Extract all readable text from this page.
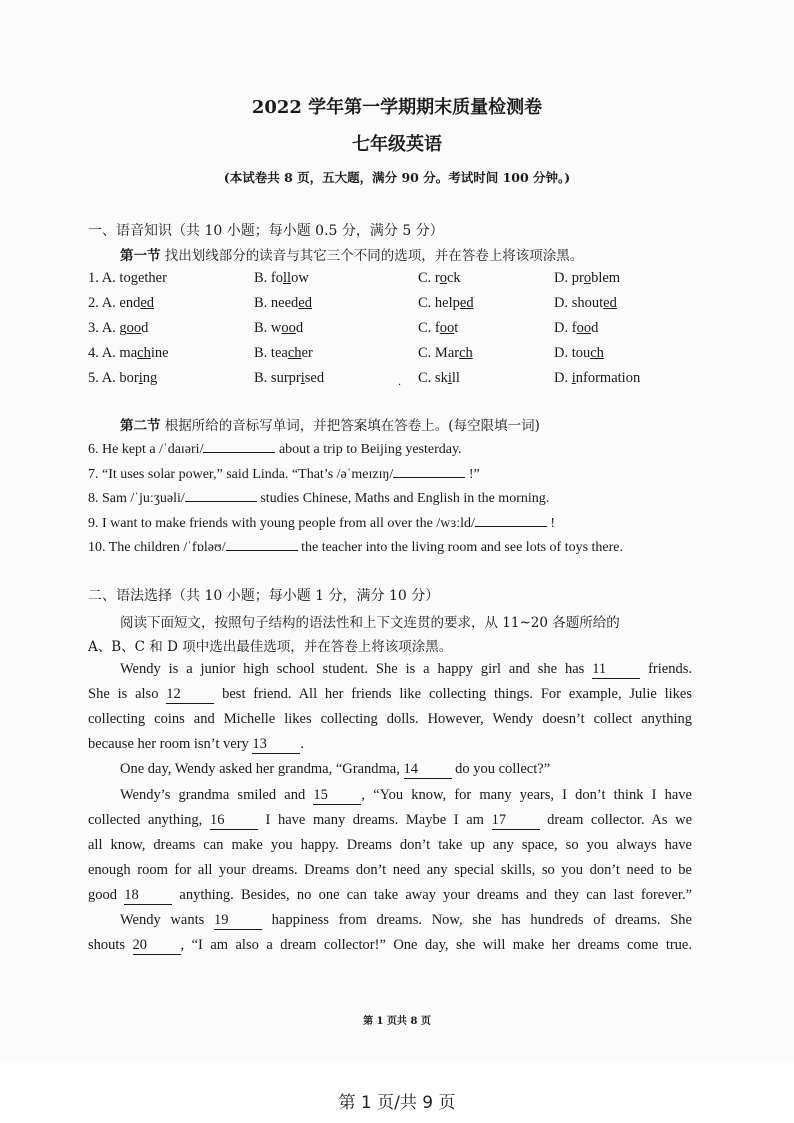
2022 学年第一学期期末质量检测卷
七年级英语
(本试卷共 8 页，五大题，满分 90 分。考试时间 100 分钟。)
一、语音知识（共 10 小题；每小题 0.5 分，满分 5 分）
第一节 找出划线部分的读音与其它三个不同的选项，并在答卷上将该项涂黑。
1. A. together	B. follow	C. rock	D. problem
2. A. ended	B. needed	C. helped	D. shouted
3. A. good	B. wood	C. foot	D. food
4. A. machine	B. teacher	C. March	D. touch
5. A. boring	B. surprised	C. skill	D. information
·
第二节 根据所给的音标写单词，并把答案填在答卷上。(每空限填一词)
6. He kept a /ˈdaɪəri/	about a trip to Beijing yesterday.
7. “It uses solar power,” said Linda. “That’s /əˈmeɪzɪŋ/	!”
8. Sam /ˈjuːʒuəli/	studies Chinese, Maths and English in the morning.
9. I want to make friends with young people from all over the /wɜːld/	!
10. The children /ˈfɒləʊ/	the teacher into the living room and see lots of toys there.
二、语法选择（共 10 小题；每小题 1 分，满分 10 分）
阅读下面短文，按照句子结构的语法性和上下文连贯的要求，从 11~20 各题所给的
A、B、C 和 D 项中选出最佳选项，并在答卷上将该项涂黑。
Wendy is a junior high school student. She is a happy girl and she has 11 friends.
She is also 12 best friend. All her friends like collecting things. For example, Julie likes
collecting coins and Michelle likes collecting dolls. However, Wendy doesn’t collect anything
because her room isn’t very 13 .
One day, Wendy asked her grandma, “Grandma, 14 do you collect?”
Wendy’s grandma smiled and 15 , “You know, for many years, I don’t think I have
collected anything, 16 I have many dreams. Maybe I am 17 dream collector. As we
all know, dreams can make you happy. Dreams don’t take up any space, so you always have
enough room for all your dreams. Dreams don’t need any special skills, so you don’t need to be
good 18 anything. Besides, no one can take away your dreams and they can last forever.”
Wendy wants 19 happiness from dreams. Now, she has hundreds of dreams. She
shouts 20 , “I am also a dream collector!” One day, she will make her dreams come true.
第 1 页共 8 页
第 1 页/共 9 页
